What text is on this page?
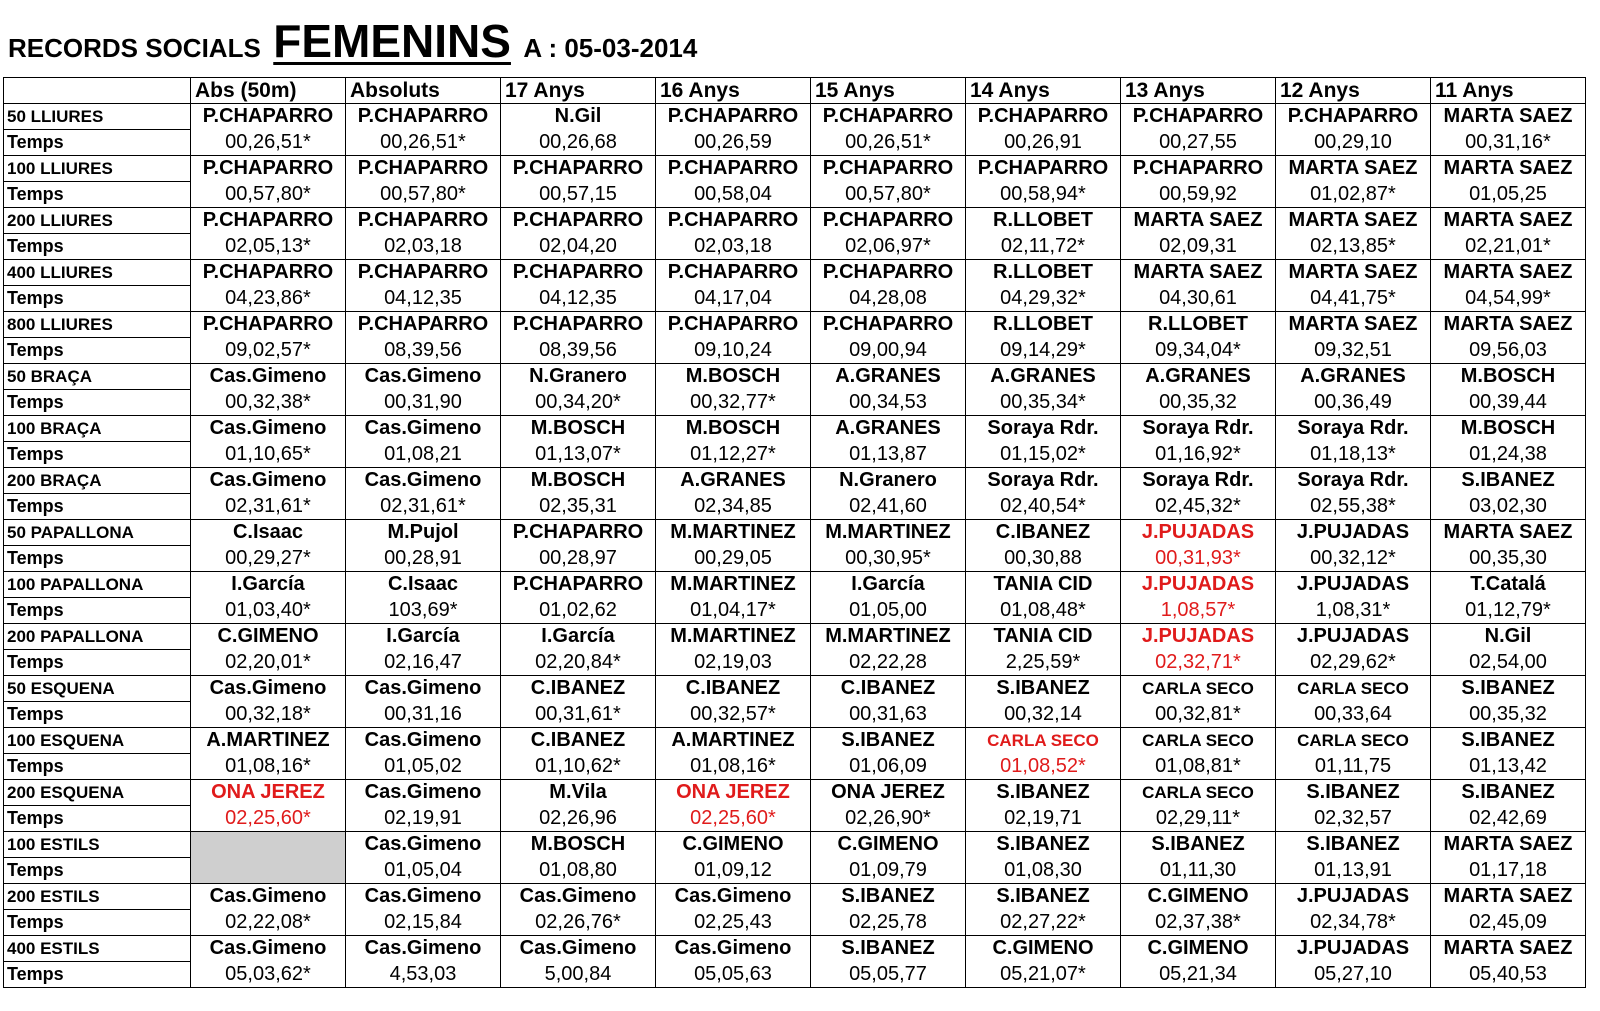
RECORDS SOCIALS FEMENINS A : 05-03-2014
	Abs (50m)	Absoluts	17 Anys	16 Anys	15 Anys	14 Anys	13 Anys	12 Anys	11 Anys
50 LLIURES	P.CHAPARRO	P.CHAPARRO	N.Gil	P.CHAPARRO	P.CHAPARRO	P.CHAPARRO	P.CHAPARRO	P.CHAPARRO	MARTA SAEZ
Temps	00,26,51*	00,26,51*	00,26,68	00,26,59	00,26,51*	00,26,91	00,27,55	00,29,10	00,31,16*
100 LLIURES	P.CHAPARRO	P.CHAPARRO	P.CHAPARRO	P.CHAPARRO	P.CHAPARRO	P.CHAPARRO	P.CHAPARRO	MARTA SAEZ	MARTA SAEZ
Temps	00,57,80*	00,57,80*	00,57,15	00,58,04	00,57,80*	00,58,94*	00,59,92	01,02,87*	01,05,25
200 LLIURES	P.CHAPARRO	P.CHAPARRO	P.CHAPARRO	P.CHAPARRO	P.CHAPARRO	R.LLOBET	MARTA SAEZ	MARTA SAEZ	MARTA SAEZ
Temps	02,05,13*	02,03,18	02,04,20	02,03,18	02,06,97*	02,11,72*	02,09,31	02,13,85*	02,21,01*
400 LLIURES	P.CHAPARRO	P.CHAPARRO	P.CHAPARRO	P.CHAPARRO	P.CHAPARRO	R.LLOBET	MARTA SAEZ	MARTA SAEZ	MARTA SAEZ
Temps	04,23,86*	04,12,35	04,12,35	04,17,04	04,28,08	04,29,32*	04,30,61	04,41,75*	04,54,99*
800 LLIURES	P.CHAPARRO	P.CHAPARRO	P.CHAPARRO	P.CHAPARRO	P.CHAPARRO	R.LLOBET	R.LLOBET	MARTA SAEZ	MARTA SAEZ
Temps	09,02,57*	08,39,56	08,39,56	09,10,24	09,00,94	09,14,29*	09,34,04*	09,32,51	09,56,03
50 BRAÇA	Cas.Gimeno	Cas.Gimeno	N.Granero	M.BOSCH	A.GRANES	A.GRANES	A.GRANES	A.GRANES	M.BOSCH
Temps	00,32,38*	00,31,90	00,34,20*	00,32,77*	00,34,53	00,35,34*	00,35,32	00,36,49	00,39,44
100 BRAÇA	Cas.Gimeno	Cas.Gimeno	M.BOSCH	M.BOSCH	A.GRANES	Soraya Rdr.	Soraya Rdr.	Soraya Rdr.	M.BOSCH
Temps	01,10,65*	01,08,21	01,13,07*	01,12,27*	01,13,87	01,15,02*	01,16,92*	01,18,13*	01,24,38
200 BRAÇA	Cas.Gimeno	Cas.Gimeno	M.BOSCH	A.GRANES	N.Granero	Soraya Rdr.	Soraya Rdr.	Soraya Rdr.	S.IBANEZ
Temps	02,31,61*	02,31,61*	02,35,31	02,34,85	02,41,60	02,40,54*	02,45,32*	02,55,38*	03,02,30
50 PAPALLONA	C.Isaac	M.Pujol	P.CHAPARRO	M.MARTINEZ	M.MARTINEZ	C.IBANEZ	J.PUJADAS	J.PUJADAS	MARTA SAEZ
Temps	00,29,27*	00,28,91	00,28,97	00,29,05	00,30,95*	00,30,88	00,31,93*	00,32,12*	00,35,30
100 PAPALLONA	I.García	C.Isaac	P.CHAPARRO	M.MARTINEZ	I.García	TANIA CID	J.PUJADAS	J.PUJADAS	T.Catalá
Temps	01,03,40*	103,69*	01,02,62	01,04,17*	01,05,00	01,08,48*	1,08,57*	1,08,31*	01,12,79*
200 PAPALLONA	C.GIMENO	I.García	I.García	M.MARTINEZ	M.MARTINEZ	TANIA CID	J.PUJADAS	J.PUJADAS	N.Gil
Temps	02,20,01*	02,16,47	02,20,84*	02,19,03	02,22,28	2,25,59*	02,32,71*	02,29,62*	02,54,00
50 ESQUENA	Cas.Gimeno	Cas.Gimeno	C.IBANEZ	C.IBANEZ	C.IBANEZ	S.IBANEZ	CARLA SECO	CARLA SECO	S.IBANEZ
Temps	00,32,18*	00,31,16	00,31,61*	00,32,57*	00,31,63	00,32,14	00,32,81*	00,33,64	00,35,32
100 ESQUENA	A.MARTINEZ	Cas.Gimeno	C.IBANEZ	A.MARTINEZ	S.IBANEZ	CARLA SECO	CARLA SECO	CARLA SECO	S.IBANEZ
Temps	01,08,16*	01,05,02	01,10,62*	01,08,16*	01,06,09	01,08,52*	01,08,81*	01,11,75	01,13,42
200 ESQUENA	ONA JEREZ	Cas.Gimeno	M.Vila	ONA JEREZ	ONA JEREZ	S.IBANEZ	CARLA SECO	S.IBANEZ	S.IBANEZ
Temps	02,25,60*	02,19,91	02,26,96	02,25,60*	02,26,90*	02,19,71	02,29,11*	02,32,57	02,42,69
100 ESTILS		Cas.Gimeno	M.BOSCH	C.GIMENO	C.GIMENO	S.IBANEZ	S.IBANEZ	S.IBANEZ	MARTA SAEZ
Temps		01,05,04	01,08,80	01,09,12	01,09,79	01,08,30	01,11,30	01,13,91	01,17,18
200 ESTILS	Cas.Gimeno	Cas.Gimeno	Cas.Gimeno	Cas.Gimeno	S.IBANEZ	S.IBANEZ	C.GIMENO	J.PUJADAS	MARTA SAEZ
Temps	02,22,08*	02,15,84	02,26,76*	02,25,43	02,25,78	02,27,22*	02,37,38*	02,34,78*	02,45,09
400 ESTILS	Cas.Gimeno	Cas.Gimeno	Cas.Gimeno	Cas.Gimeno	S.IBANEZ	C.GIMENO	C.GIMENO	J.PUJADAS	MARTA SAEZ
Temps	05,03,62*	4,53,03	5,00,84	05,05,63	05,05,77	05,21,07*	05,21,34	05,27,10	05,40,53
